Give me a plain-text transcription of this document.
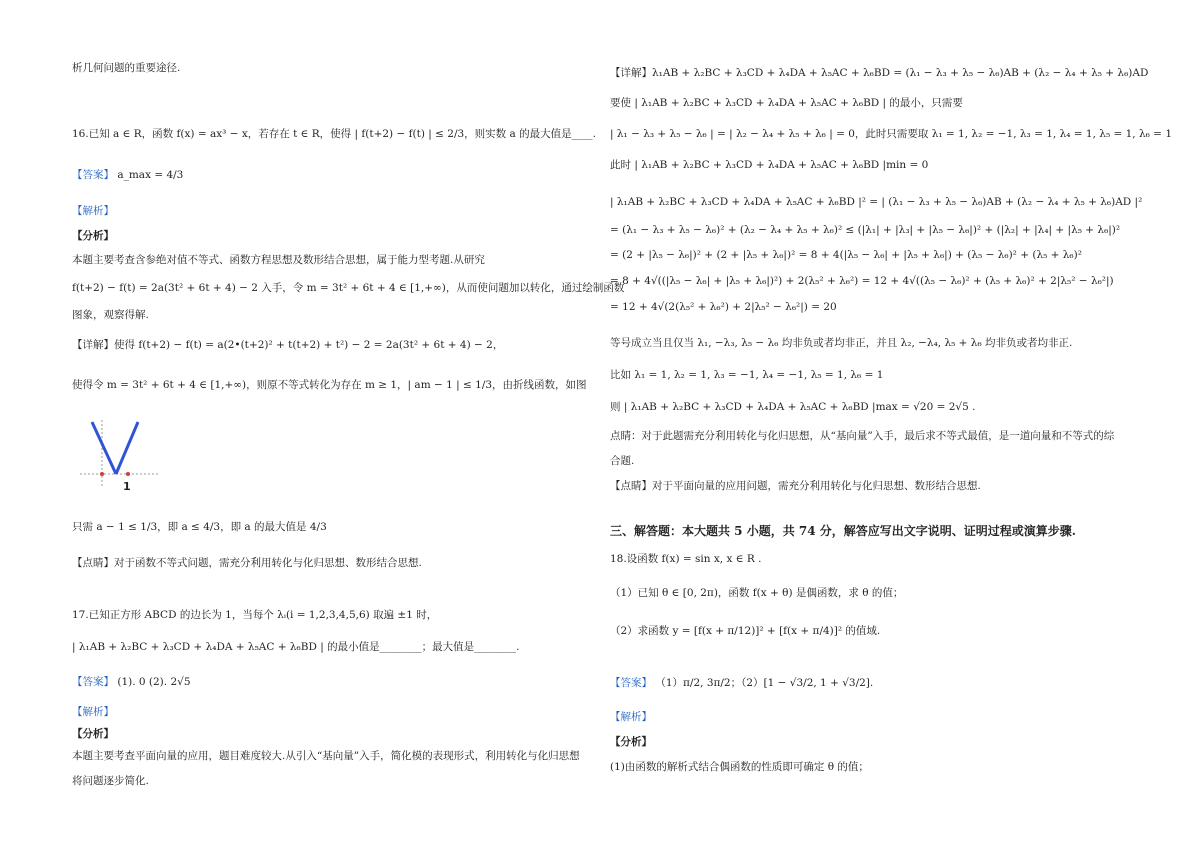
析几何问题的重要途径.
16.已知 a ∈ R，函数 f(x) = ax³ − x，若存在 t ∈ R，使得 | f(t+2) − f(t) | ≤ 2/3，则实数 a 的最大值是____.
【答案】 a_max = 4/3
【解析】
【分析】
本题主要考查含参绝对值不等式、函数方程思想及数形结合思想，属于能力型考题.从研究
f(t+2) − f(t) = 2a(3t² + 6t + 4) − 2 入手，令 m = 3t² + 6t + 4 ∈ [1,+∞)，从而使问题加以转化，通过绘制函数
图象，观察得解.
【详解】使得 f(t+2) − f(t) = a(2•(t+2)² + t(t+2) + t²) − 2 = 2a(3t² + 6t + 4) − 2，
使得令 m = 3t² + 6t + 4 ∈ [1,+∞)，则原不等式转化为存在 m ≥ 1，| am − 1 | ≤ 1/3，由折线函数，如图
1
只需 a − 1 ≤ 1/3，即 a ≤ 4/3，即 a 的最大值是 4/3
【点睛】对于函数不等式问题，需充分利用转化与化归思想、数形结合思想.
17.已知正方形 ABCD 的边长为 1，当每个 λᵢ(i = 1,2,3,4,5,6) 取遍 ±1 时，
| λ₁AB + λ₂BC + λ₃CD + λ₄DA + λ₅AC + λ₆BD | 的最小值是________；最大值是________.
【答案】 (1). 0 (2). 2√5
【解析】
【分析】
本题主要考查平面向量的应用，题目难度较大.从引入“基向量”入手，简化模的表现形式，利用转化与化归思想
将问题逐步简化.
【详解】λ₁AB + λ₂BC + λ₃CD + λ₄DA + λ₅AC + λ₆BD = (λ₁ − λ₃ + λ₅ − λ₆)AB + (λ₂ − λ₄ + λ₅ + λ₆)AD
要使 | λ₁AB + λ₂BC + λ₃CD + λ₄DA + λ₅AC + λ₆BD | 的最小，只需要
| λ₁ − λ₃ + λ₅ − λ₆ | = | λ₂ − λ₄ + λ₅ + λ₆ | = 0，此时只需要取 λ₁ = 1, λ₂ = −1, λ₃ = 1, λ₄ = 1, λ₅ = 1, λ₆ = 1
此时 | λ₁AB + λ₂BC + λ₃CD + λ₄DA + λ₅AC + λ₆BD |min = 0
| λ₁AB + λ₂BC + λ₃CD + λ₄DA + λ₅AC + λ₆BD |² = | (λ₁ − λ₃ + λ₅ − λ₆)AB + (λ₂ − λ₄ + λ₅ + λ₆)AD |²
= (λ₁ − λ₃ + λ₅ − λ₆)² + (λ₂ − λ₄ + λ₅ + λ₆)² ≤ (|λ₁| + |λ₃| + |λ₅ − λ₆|)² + (|λ₂| + |λ₄| + |λ₅ + λ₆|)²
= (2 + |λ₅ − λ₆|)² + (2 + |λ₅ + λ₆|)² = 8 + 4(|λ₅ − λ₆| + |λ₅ + λ₆|) + (λ₅ − λ₆)² + (λ₅ + λ₆)²
= 8 + 4√((|λ₅ − λ₆| + |λ₅ + λ₆|)²) + 2(λ₅² + λ₆²) = 12 + 4√((λ₅ − λ₆)² + (λ₅ + λ₆)² + 2|λ₅² − λ₆²|)
= 12 + 4√(2(λ₅² + λ₆²) + 2|λ₅² − λ₆²|) = 20
等号成立当且仅当 λ₁, −λ₃, λ₅ − λ₆ 均非负或者均非正，并且 λ₂, −λ₄, λ₅ + λ₆ 均非负或者均非正.
比如 λ₁ = 1, λ₂ = 1, λ₃ = −1, λ₄ = −1, λ₅ = 1, λ₆ = 1
则 | λ₁AB + λ₂BC + λ₃CD + λ₄DA + λ₅AC + λ₆BD |max = √20 = 2√5 .
点睛：对于此题需充分利用转化与化归思想，从“基向量”入手，最后求不等式最值，是一道向量和不等式的综
合题.
【点睛】对于平面向量的应用问题，需充分利用转化与化归思想、数形结合思想.
三、解答题：本大题共 5 小题，共 74 分，解答应写出文字说明、证明过程或演算步骤.
18.设函数 f(x) = sin x, x ∈ R .
（1）已知 θ ∈ [0, 2π)，函数 f(x + θ) 是偶函数，求 θ 的值；
（2）求函数 y = [f(x + π/12)]² + [f(x + π/4)]² 的值域.
【答案】 （1）π/2, 3π/2；（2）[1 − √3/2, 1 + √3/2].
【解析】
【分析】
(1)由函数的解析式结合偶函数的性质即可确定 θ 的值；
